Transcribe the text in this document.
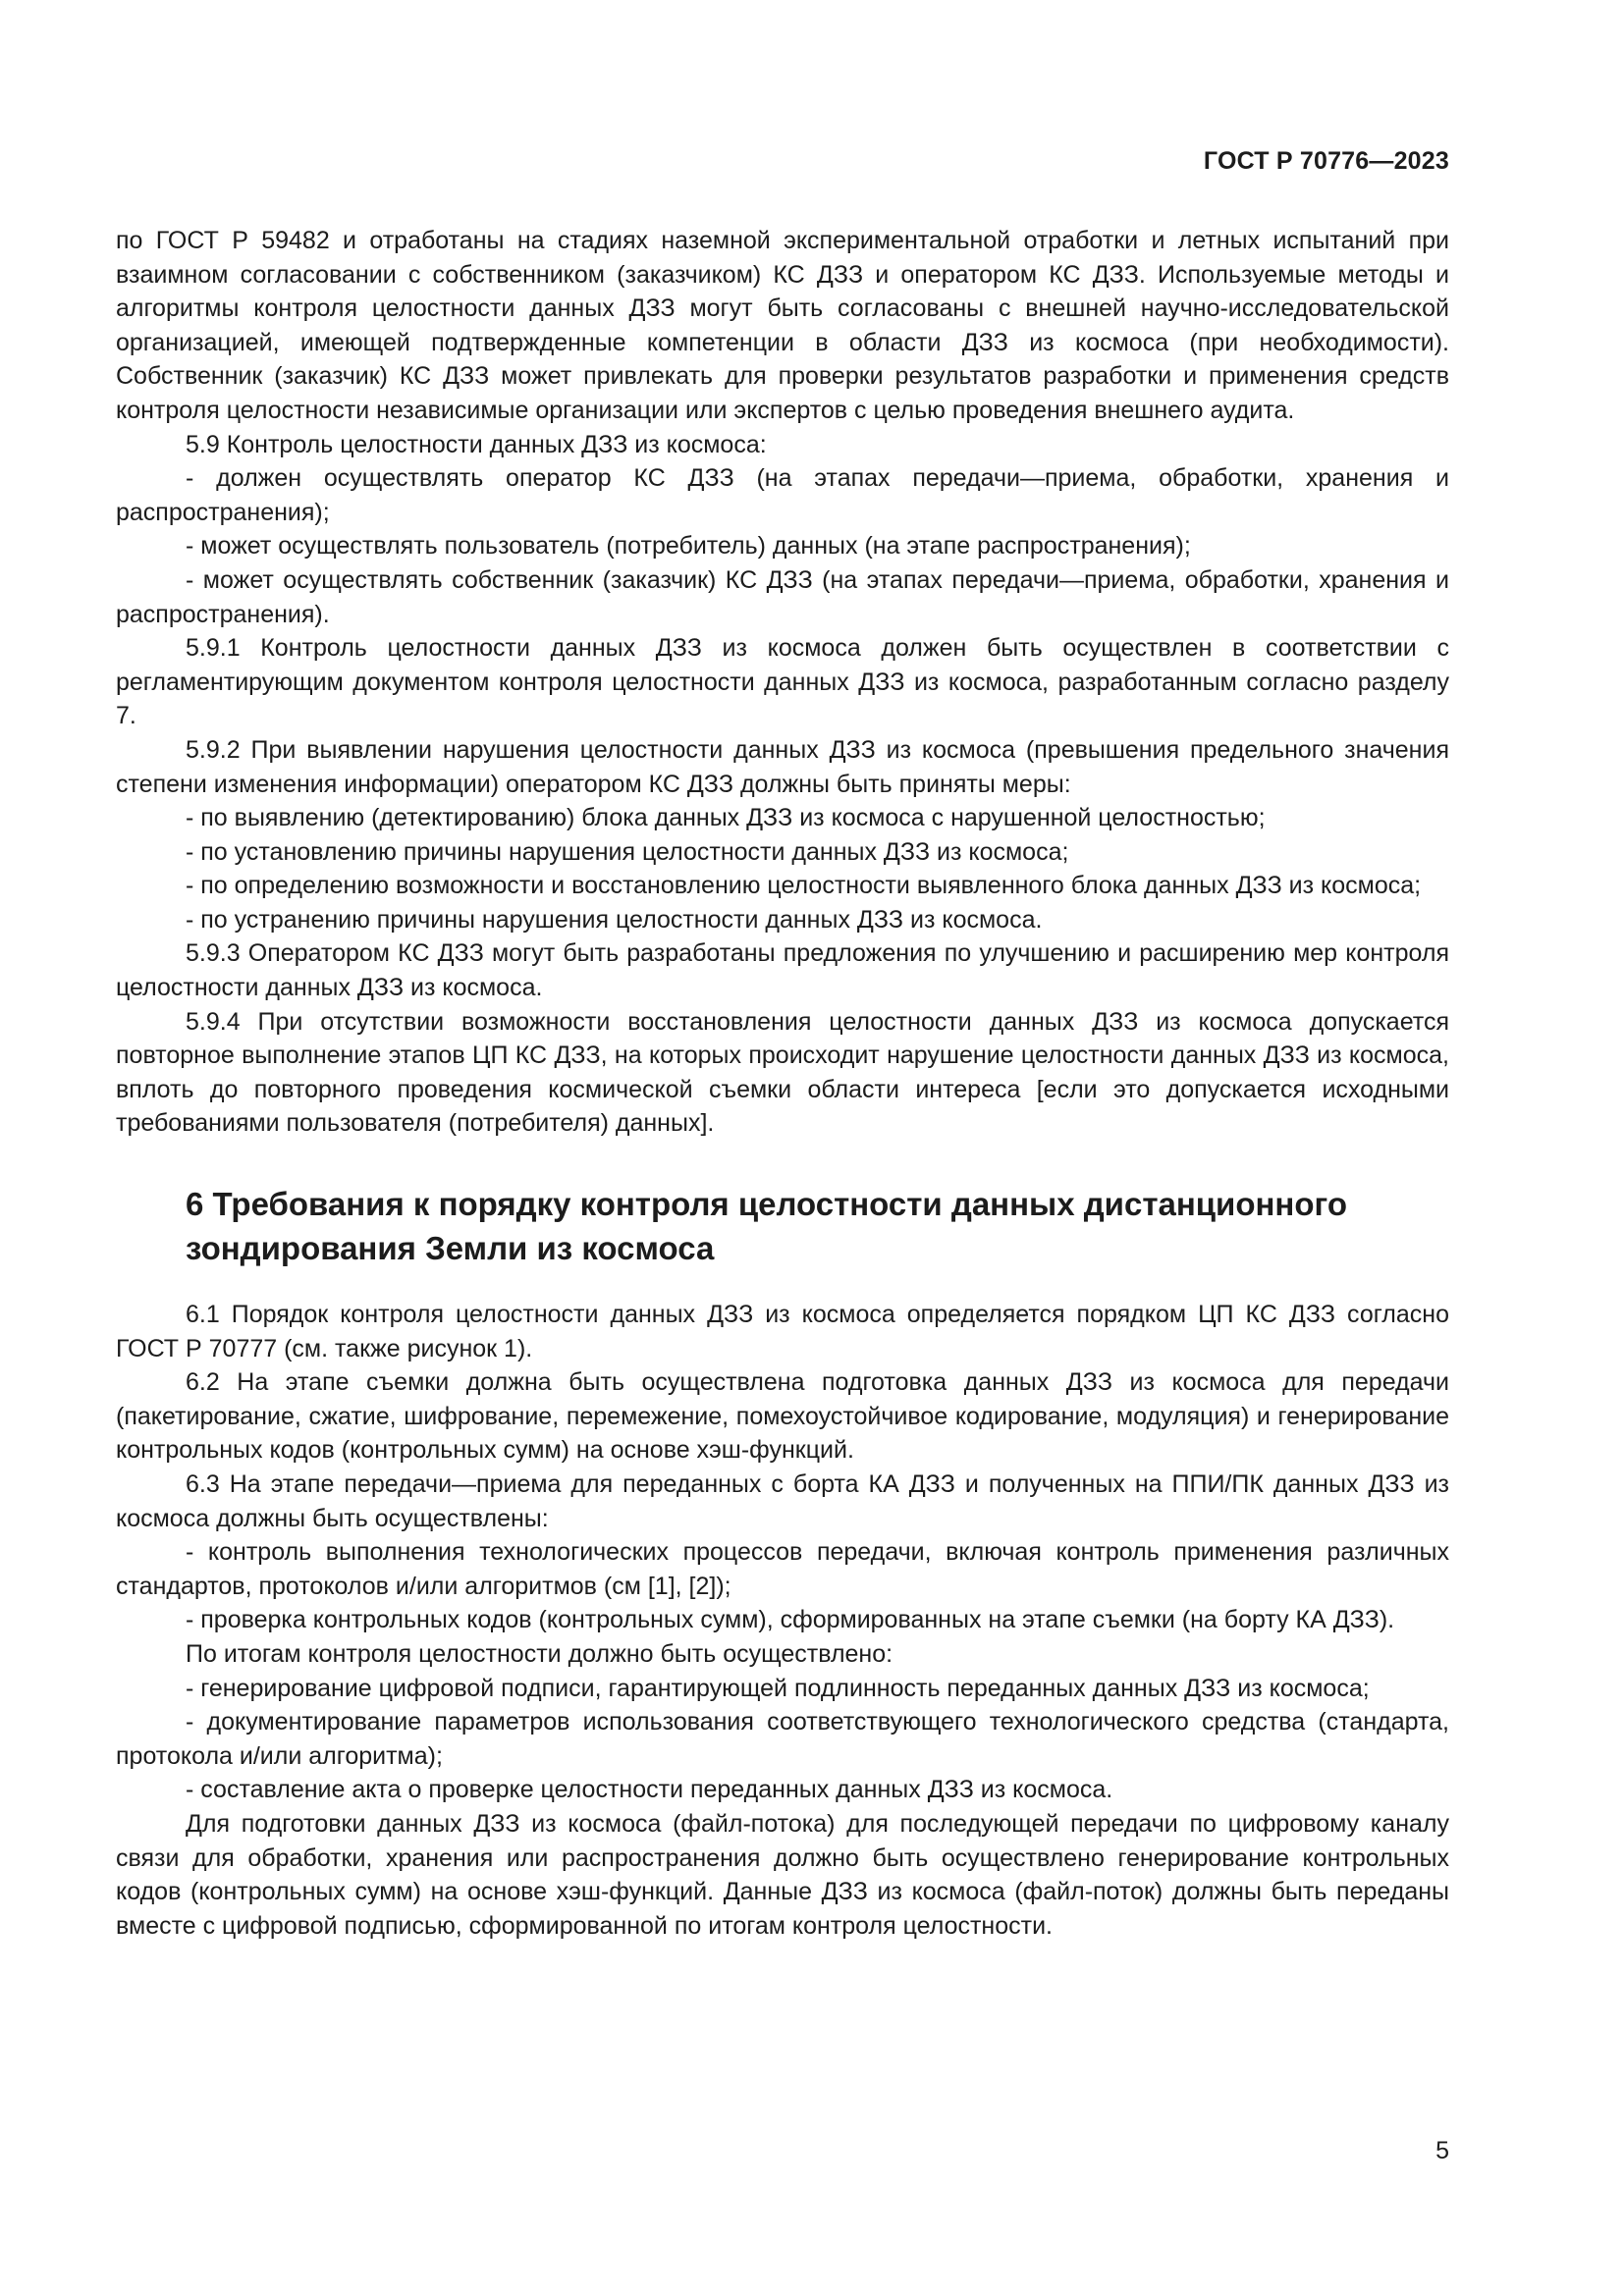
ГОСТ Р 70776—2023

по ГОСТ Р 59482 и отработаны на стадиях наземной экспериментальной отработки и летных испытаний при взаимном согласовании с собственником (заказчиком) КС ДЗЗ и оператором КС ДЗЗ. Используемые методы и алгоритмы контроля целостности данных ДЗЗ могут быть согласованы с внешней научно-исследовательской организацией, имеющей подтвержденные компетенции в области ДЗЗ из космоса (при необходимости). Собственник (заказчик) КС ДЗЗ может привлекать для проверки результатов разработки и применения средств контроля целостности независимые организации или экспертов с целью проведения внешнего аудита.

5.9 Контроль целостности данных ДЗЗ из космоса:

- должен осуществлять оператор КС ДЗЗ (на этапах передачи—приема, обработки, хранения и распространения);

- может осуществлять пользователь (потребитель) данных (на этапе распространения);

- может осуществлять собственник (заказчик) КС ДЗЗ (на этапах передачи—приема, обработки, хранения и распространения).

5.9.1 Контроль целостности данных ДЗЗ из космоса должен быть осуществлен в соответствии с регламентирующим документом контроля целостности данных ДЗЗ из космоса, разработанным согласно разделу 7.

5.9.2 При выявлении нарушения целостности данных ДЗЗ из космоса (превышения предельного значения степени изменения информации) оператором КС ДЗЗ должны быть приняты меры:

- по выявлению (детектированию) блока данных ДЗЗ из космоса с нарушенной целостностью;

- по установлению причины нарушения целостности данных ДЗЗ из космоса;

- по определению возможности и восстановлению целостности выявленного блока данных ДЗЗ из космоса;

- по устранению причины нарушения целостности данных ДЗЗ из космоса.

5.9.3 Оператором КС ДЗЗ могут быть разработаны предложения по улучшению и расширению мер контроля целостности данных ДЗЗ из космоса.

5.9.4 При отсутствии возможности восстановления целостности данных ДЗЗ из космоса допускается повторное выполнение этапов ЦП КС ДЗЗ, на которых происходит нарушение целостности данных ДЗЗ из космоса, вплоть до повторного проведения космической съемки области интереса [если это допускается исходными требованиями пользователя (потребителя) данных].

6 Требования к порядку контроля целостности данных дистанционного
зондирования Земли из космоса

6.1 Порядок контроля целостности данных ДЗЗ из космоса определяется порядком ЦП КС ДЗЗ согласно ГОСТ Р 70777 (см. также рисунок 1).

6.2 На этапе съемки должна быть осуществлена подготовка данных ДЗЗ из космоса для передачи (пакетирование, сжатие, шифрование, перемежение, помехоустойчивое кодирование, модуляция) и генерирование контрольных кодов (контрольных сумм) на основе хэш-функций.

6.3 На этапе передачи—приема для переданных с борта КА ДЗЗ и полученных на ППИ/ПК данных ДЗЗ из космоса должны быть осуществлены:

- контроль выполнения технологических процессов передачи, включая контроль применения различных стандартов, протоколов и/или алгоритмов (см [1], [2]);

- проверка контрольных кодов (контрольных сумм), сформированных на этапе съемки (на борту КА ДЗЗ).

По итогам контроля целостности должно быть осуществлено:

- генерирование цифровой подписи, гарантирующей подлинность переданных данных ДЗЗ из космоса;

- документирование параметров использования соответствующего технологического средства (стандарта, протокола и/или алгоритма);

- составление акта о проверке целостности переданных данных ДЗЗ из космоса.

Для подготовки данных ДЗЗ из космоса (файл-потока) для последующей передачи по цифровому каналу связи для обработки, хранения или распространения должно быть осуществлено генерирование контрольных кодов (контрольных сумм) на основе хэш-функций. Данные ДЗЗ из космоса (файл-поток) должны быть переданы вместе с цифровой подписью, сформированной по итогам контроля целостности.

5
